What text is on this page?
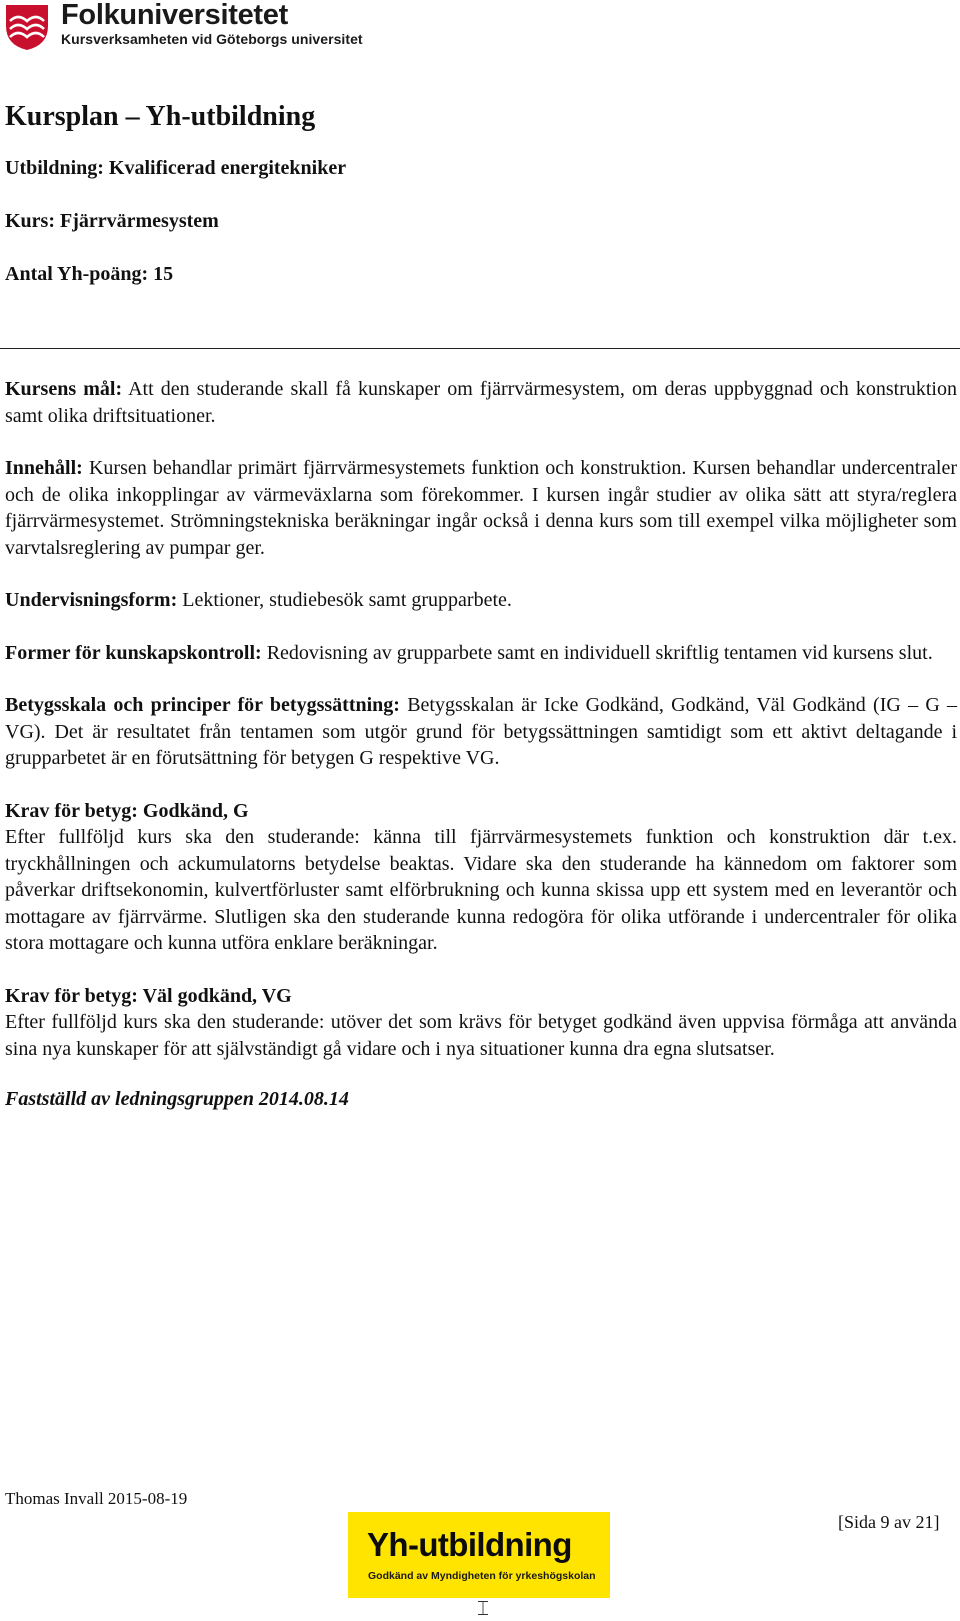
Folkuniversitetet
Kursverksamheten vid Göteborgs universitet
Kursplan – Yh-utbildning

Utbildning: Kvalificerad energitekniker

Kurs: Fjärrvärmesystem

Antal Yh-poäng: 15

Kursens mål: Att den studerande skall få kunskaper om fjärrvärmesystem, om deras uppbyggnad och konstruktion samt olika driftsituationer.

Innehåll: Kursen behandlar primärt fjärrvärmesystemets funktion och konstruktion. Kursen behandlar undercentraler och de olika inkopplingar av värmeväxlarna som förekommer. I kursen ingår studier av olika sätt att styra/reglera fjärrvärmesystemet. Strömningstekniska beräkningar ingår också i denna kurs som till exempel vilka möjligheter som varvtalsreglering av pumpar ger.

Undervisningsform: Lektioner, studiebesök samt grupparbete.

Former för kunskapskontroll: Redovisning av grupparbete samt en individuell skriftlig tentamen vid kursens slut.

Betygsskala och principer för betygssättning: Betygsskalan är Icke Godkänd, Godkänd, Väl Godkänd (IG – G – VG). Det är resultatet från tentamen som utgör grund för betygssättningen samtidigt som ett aktivt deltagande i grupparbetet är en förutsättning för betygen G respektive VG.

Krav för betyg: Godkänd, G
Efter fullföljd kurs ska den studerande: känna till fjärrvärmesystemets funktion och konstruktion där t.ex. tryckhållningen och ackumulatorns betydelse beaktas. Vidare ska den studerande ha kännedom om faktorer som påverkar driftsekonomin, kulvertförluster samt elförbrukning och kunna skissa upp ett system med en leverantör och mottagare av fjärrvärme. Slutligen ska den studerande kunna redogöra för olika utförande i undercentraler för olika stora mottagare och kunna utföra enklare beräkningar.

Krav för betyg: Väl godkänd, VG
Efter fullföljd kurs ska den studerande: utöver det som krävs för betyget godkänd även uppvisa förmåga att använda sina nya kunskaper för att självständigt gå vidare och i nya situationer kunna dra egna slutsatser.

Fastställd av ledningsgruppen 2014.08.14

Thomas Invall 2015-08-19
Yh-utbildning
Godkänd av Myndigheten för yrkeshögskolan
[Sida 9 av 21]
⌶
